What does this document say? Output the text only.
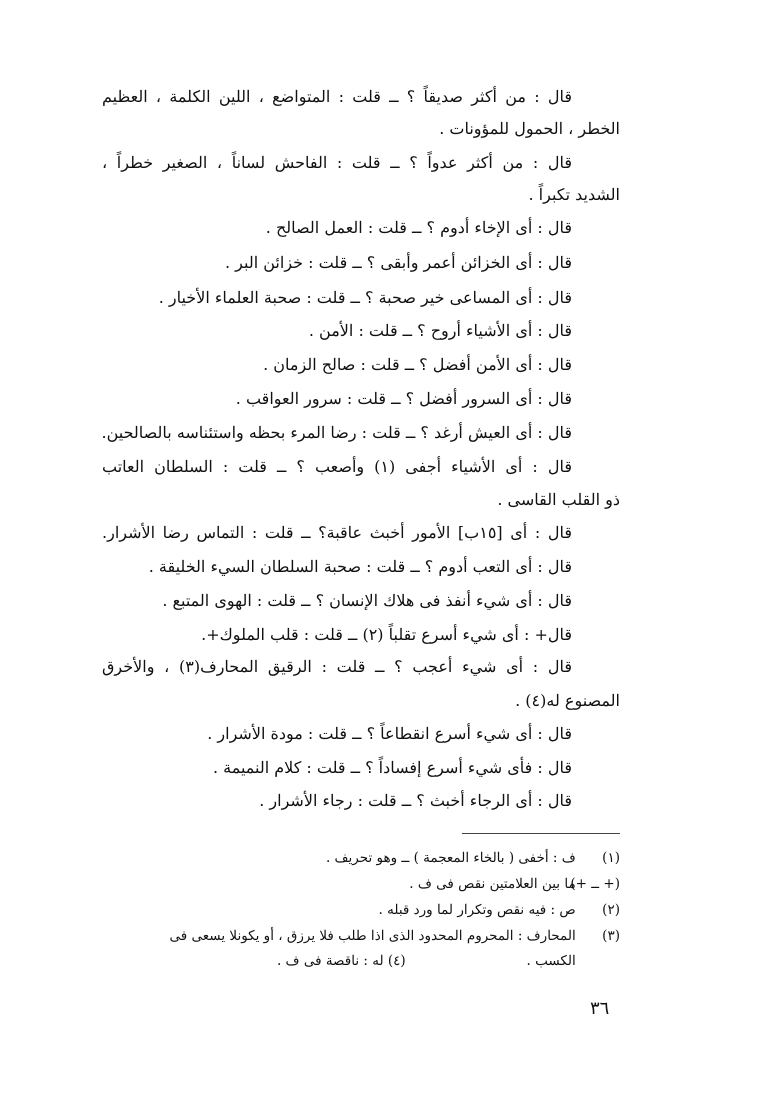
قال : من أكثر صديقاً ؟ ــ قلت : المتواضع ، اللين الكلمة ، العظيم
الخطر ، الحمول للمؤونات .
قال : من أكثر عدواً ؟ ــ قلت : الفاحش لساناً ، الصغير خطراً ،
الشديد تكبراً .
قال : أى الإخاء أدوم ؟ ــ قلت : العمل الصالح .
قال : أى الخزائن أعمر وأبقى ؟ ــ قلت : خزائن البر .
قال : أى المساعى خير صحبة ؟ ــ قلت : صحبة العلماء الأخيار .
قال : أى الأشياء أروح ؟ ــ قلت : الأمن .
قال : أى الأمن أفضل ؟ ــ قلت : صالح الزمان .
قال : أى السرور أفضل ؟ ــ قلت : سرور العواقب .
قال : أى العيش أرغد ؟ ــ قلت : رضا المرء بحظه واستئناسه بالصالحين.
قال : أى الأشياء أجفى (١) وأصعب ؟ ــ قلت : السلطان العاتب
ذو القلب القاسى .
قال : أى [١٥ب] الأمور أخبث عاقبة؟ ــ قلت : التماس رضا الأشرار.
قال : أى التعب أدوم ؟ ــ قلت : صحبة السلطان السيء الخليقة .
قال : أى شيء أنفذ فى هلاك الإنسان ؟ ــ قلت : الهوى المتبع .
قال+ : أى شيء أسرع تقلباً (٢) ــ قلت : قلب الملوك+.
قال : أى شيء أعجب ؟ ــ قلت : الرقيق المحارف(٣) ، والأخرق
المصنوع له(٤) .
قال : أى شيء أسرع انقطاعاً ؟ ــ قلت : مودة الأشرار .
قال : فأى شيء أسرع إفساداً ؟ ــ قلت : كلام النميمة .
قال : أى الرجاء أخبث ؟ ــ قلت : رجاء الأشرار .
(١) ف : أخفى ( بالخاء المعجمة ) ــ وهو تحريف .
(+ ــ +) ما بين العلامتين نقص فى ف .
(٢) ص : فيه نقص وتكرار لما ورد قبله .
(٣) المحارف : المحروم المحدود الذى اذا طلب فلا يرزق ، أو يكونلا يسعى فى
الكسب .(٤) له : ناقصة فى ف .
٣٦
